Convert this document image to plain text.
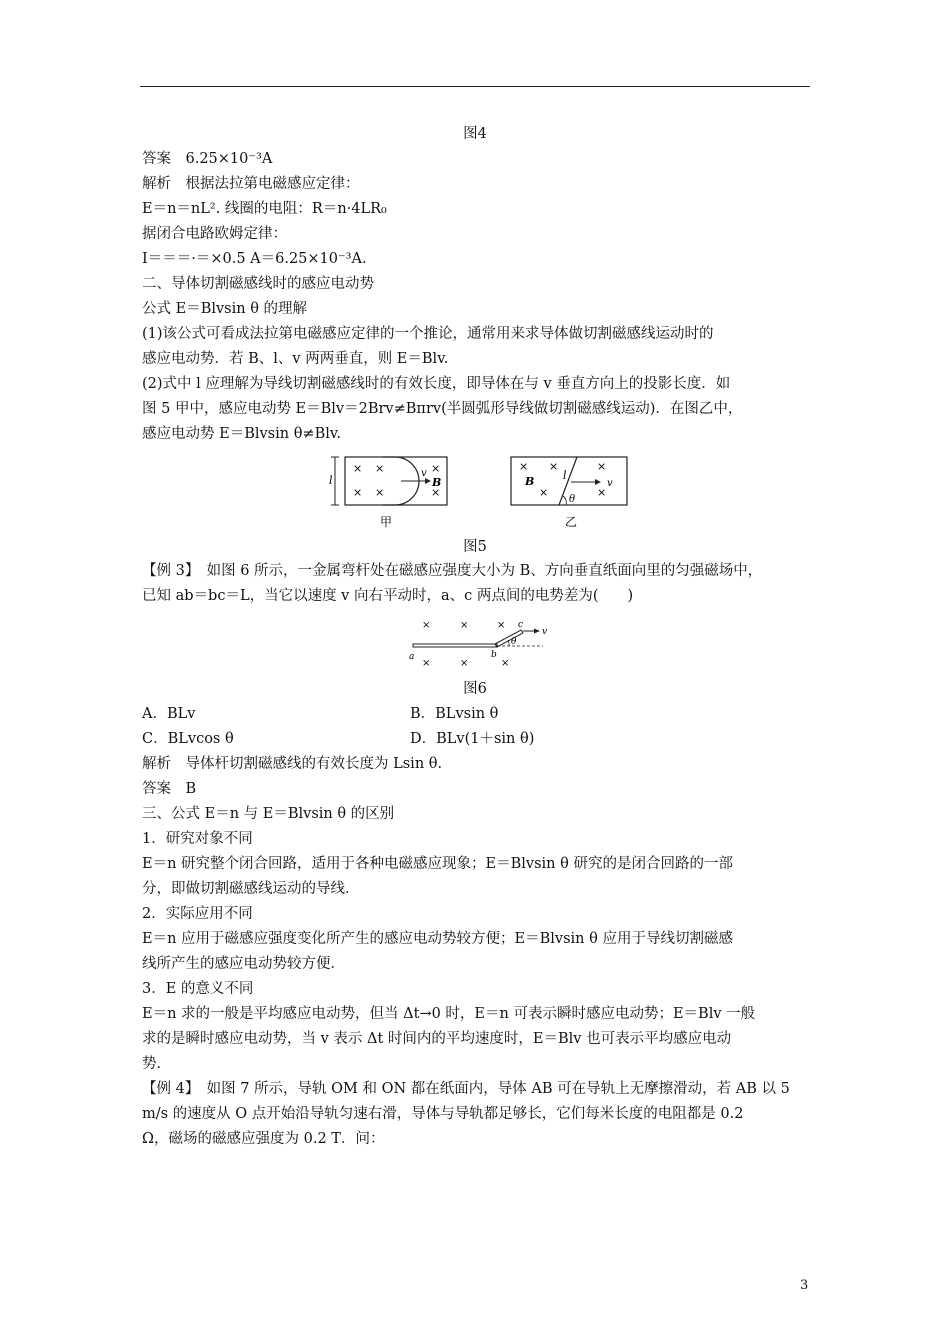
图4
答案　6.25×10⁻³A
解析　根据法拉第电磁感应定律：
E＝n＝nL². 线圈的电阻：R＝n·4LR₀
据闭合电路欧姆定律：
I＝＝＝·＝×0.5 A＝6.25×10⁻³A.
二、导体切割磁感线时的感应电动势
公式 E＝Blvsin θ 的理解
(1)该公式可看成法拉第电磁感应定律的一个推论，通常用来求导体做切割磁感线运动时的
感应电动势．若 B、l、v 两两垂直，则 E＝Blv.
(2)式中 l 应理解为导线切割磁感线时的有效长度，即导体在与 v 垂直方向上的投影长度．如
图 5 甲中，感应电动势 E＝Blv＝2Brv≠Bπrv(半圆弧形导线做切割磁感线运动)．在图乙中，
感应电动势 E＝Blvsin θ≠Blv.
l
× ×
× ×
×
×
v
B
甲
θ
l
× ×	×
×	×
B	v
乙
图5
【例 3】　如图 6 所示，一金属弯杆处在磁感应强度大小为 B、方向垂直纸面向里的匀强磁场中，
已知 ab＝bc＝L，当它以速度 v 向右平动时，a、c 两点间的电势差为(　　)
×	×	×
×	×	×
θ
v
c
a	b
图6
A．BLv	B．BLvsin θ
C．BLvcos θ	D．BLv(1＋sin θ)
解析　导体杆切割磁感线的有效长度为 Lsin θ.
答案　B
三、公式 E＝n 与 E＝Blvsin θ 的区别
1．研究对象不同
E＝n 研究整个闭合回路，适用于各种电磁感应现象；E＝Blvsin θ 研究的是闭合回路的一部
分，即做切割磁感线运动的导线．
2．实际应用不同
E＝n 应用于磁感应强度变化所产生的感应电动势较方便；E＝Blvsin θ 应用于导线切割磁感
线所产生的感应电动势较方便．
3．E 的意义不同
E＝n 求的一般是平均感应电动势，但当 Δt→0 时，E＝n 可表示瞬时感应电动势；E＝Blv 一般
求的是瞬时感应电动势，当 v 表示 Δt 时间内的平均速度时，E＝Blv 也可表示平均感应电动
势．
【例 4】　如图 7 所示，导轨 OM 和 ON 都在纸面内，导体 AB 可在导轨上无摩擦滑动，若 AB 以 5
m/s 的速度从 O 点开始沿导轨匀速右滑，导体与导轨都足够长，它们每米长度的电阻都是 0.2
Ω，磁场的磁感应强度为 0.2 T．问：
3
